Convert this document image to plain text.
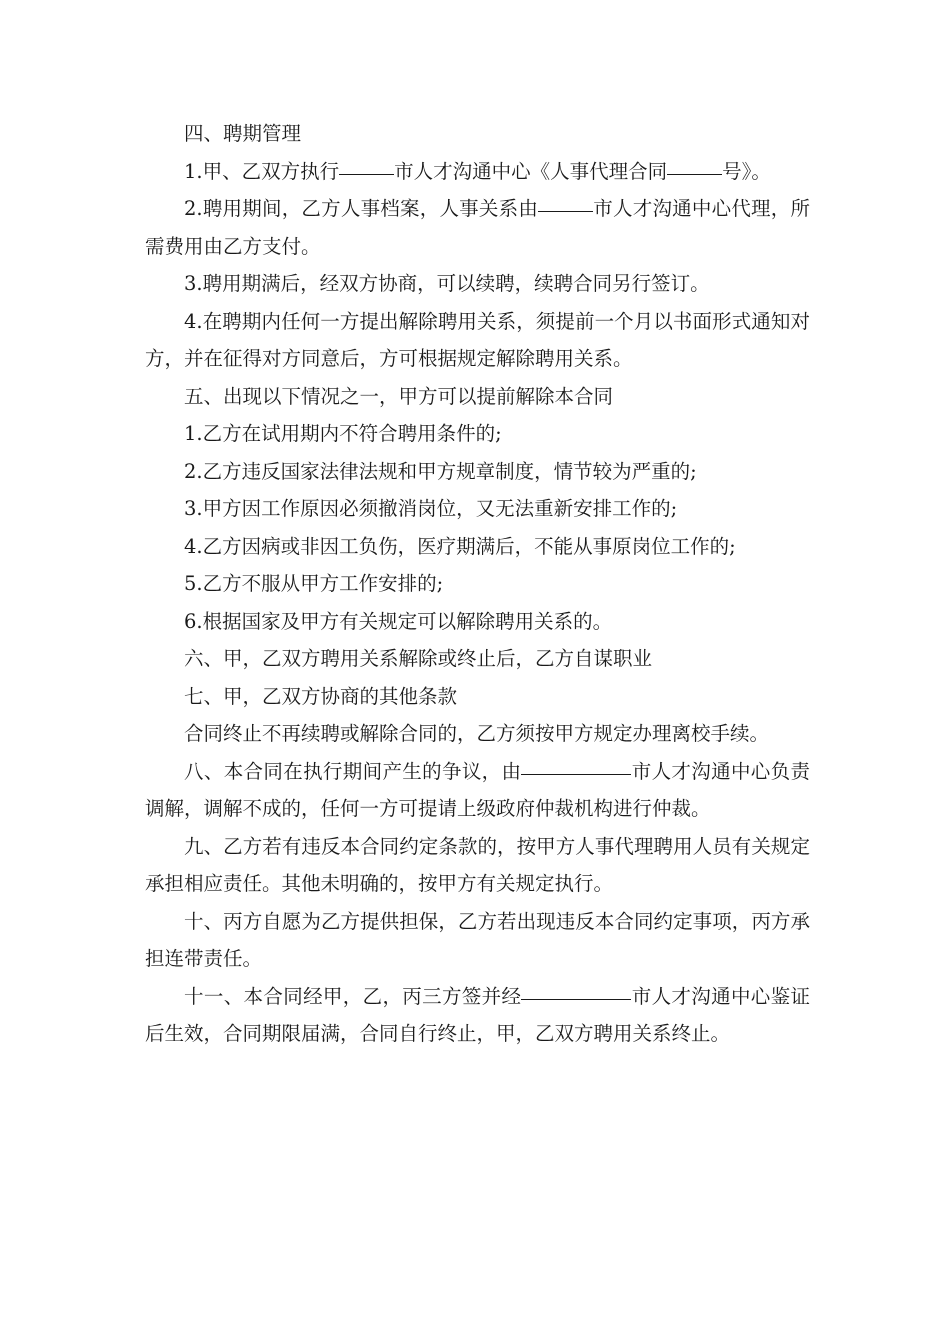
四、聘期管理

1.甲、乙双方执行	市人才沟通中心《人事代理合同	号》。

2.聘用期间，乙方人事档案，人事关系由	市人才沟通中心代理，所需费用由乙方支付。

3.聘用期满后，经双方协商，可以续聘，续聘合同另行签订。

4.在聘期内任何一方提出解除聘用关系，须提前一个月以书面形式通知对方，并在征得对方同意后，方可根据规定解除聘用关系。

五、出现以下情况之一，甲方可以提前解除本合同

1.乙方在试用期内不符合聘用条件的;

2.乙方违反国家法律法规和甲方规章制度，情节较为严重的;

3.甲方因工作原因必须撤消岗位，又无法重新安排工作的;

4.乙方因病或非因工负伤，医疗期满后，不能从事原岗位工作的;

5.乙方不服从甲方工作安排的;

6.根据国家及甲方有关规定可以解除聘用关系的。

六、甲，乙双方聘用关系解除或终止后，乙方自谋职业

七、甲，乙双方协商的其他条款

合同终止不再续聘或解除合同的，乙方须按甲方规定办理离校手续。

八、本合同在执行期间产生的争议，由	市人才沟通中心负责调解，调解不成的，任何一方可提请上级政府仲裁机构进行仲裁。

九、乙方若有违反本合同约定条款的，按甲方人事代理聘用人员有关规定承担相应责任。其他未明确的，按甲方有关规定执行。

十、丙方自愿为乙方提供担保，乙方若出现违反本合同约定事项，丙方承担连带责任。

十一、本合同经甲，乙，丙三方签并经	市人才沟通中心鉴证后生效，合同期限届满，合同自行终止，甲，乙双方聘用关系终止。
